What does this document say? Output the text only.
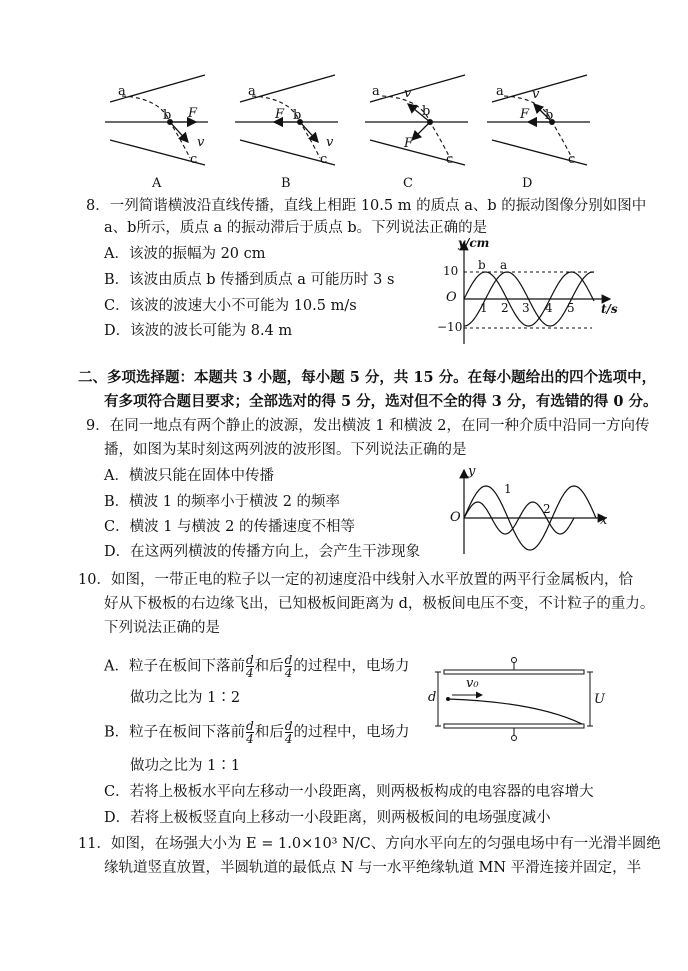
a
b F
v
c
A
a
b
F
v
c
B
a
b
v
F
c
C
a
b
v
F
c
D
8．一列简谐横波沿直线传播，直线上相距 10.5 m 的质点 a、b 的振动图像分别如图中
a、b所示，质点 a 的振动滞后于质点 b。下列说法正确的是
A．该波的振幅为 20 cm
B．该波由质点 b 传播到质点 a 可能历时 3 s
C．该波的波速大小不可能为 10.5 m/s
D．该波的波长可能为 8.4 m
y/cm
t/s
O
10
−10
1 2 3 4 5
b a
二、多项选择题：本题共 3 小题，每小题 5 分，共 15 分。在每小题给出的四个选项中，
有多项符合题目要求；全部选对的得 5 分，选对但不全的得 3 分，有选错的得 0 分。
9．在同一地点有两个静止的波源，发出横波 1 和横波 2，在同一种介质中沿同一方向传
播，如图为某时刻这两列波的波形图。下列说法正确的是
A．横波只能在固体中传播
B．横波 1 的频率小于横波 2 的频率
C．横波 1 与横波 2 的传播速度不相等
D．在这两列横波的传播方向上，会产生干涉现象
y
x
O
1
2
10．如图，一带正电的粒子以一定的初速度沿中线射入水平放置的两平行金属板内，恰
好从下极板的右边缘飞出，已知极板间距离为 d，极板间电压不变，不计粒子的重力。
下列说法正确的是
A．粒子在板间下落前 $\frac{d}{4}$ 和后 $\frac{d}{4}$ 的过程中，电场力
做功之比为 1∶2
B．粒子在板间下落前 $\frac{d}{4}$ 和后 $\frac{d}{4}$ 的过程中，电场力
做功之比为 1∶1
C．若将上极板水平向左移动一小段距离，则两极板构成的电容器的电容增大
D．若将上极板竖直向上移动一小段距离，则两极板间的电场强度减小
d
v₀
U
11．如图，在场强大小为 E = 1.0×10³ N/C、方向水平向左的匀强电场中有一光滑半圆绝
缘轨道竖直放置，半圆轨道的最低点 N 与一水平绝缘轨道 MN 平滑连接并固定，半
